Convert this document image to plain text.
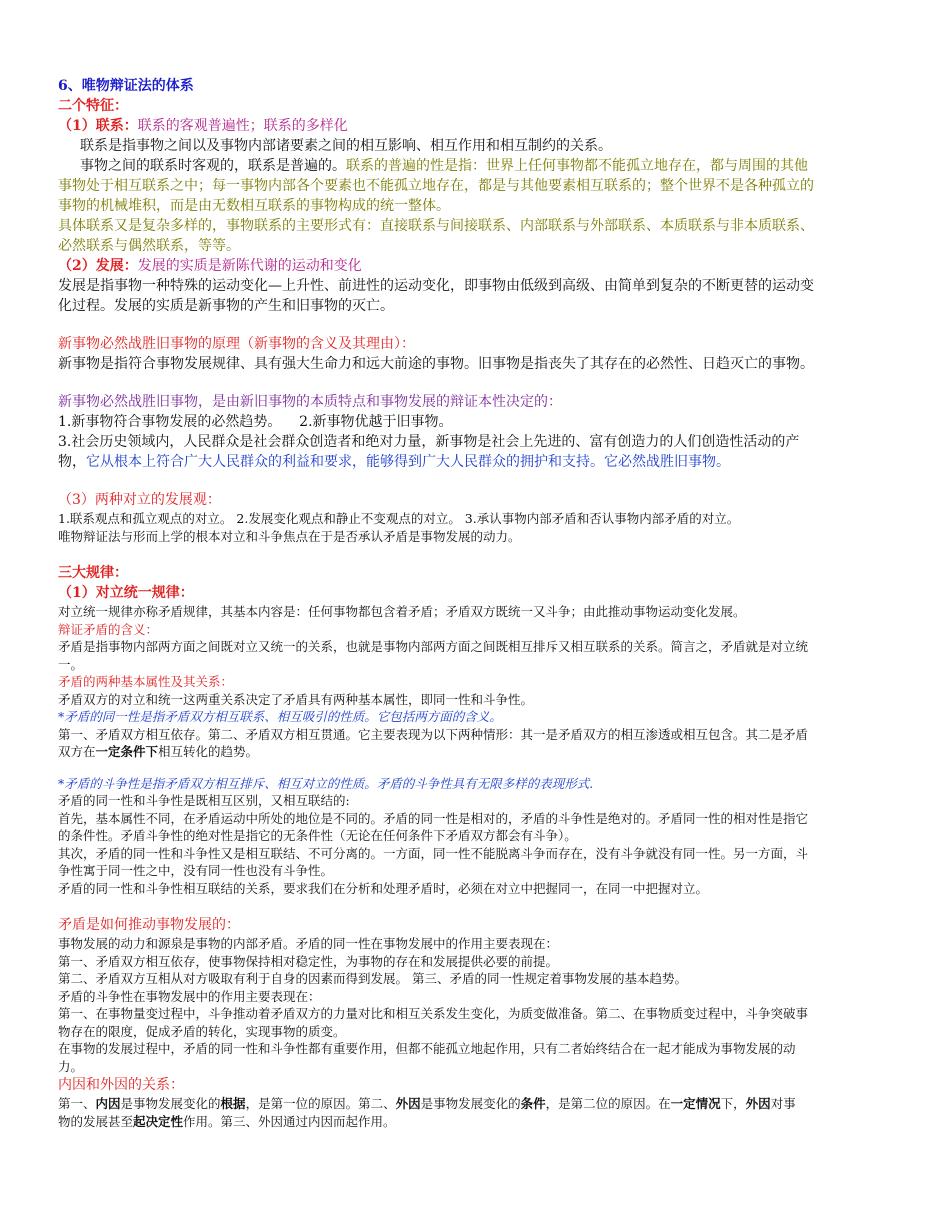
6、唯物辩证法的体系
二个特征：
（1）联系：联系的客观普遍性；联系的多样化
联系是指事物之间以及事物内部诸要素之间的相互影响、相互作用和相互制约的关系。
事物之间的联系时客观的，联系是普遍的。联系的普遍的性是指：世界上任何事物都不能孤立地存在，都与周围的其他
事物处于相互联系之中；每一事物内部各个要素也不能孤立地存在，都是与其他要素相互联系的；整个世界不是各种孤立的
事物的机械堆积，而是由无数相互联系的事物构成的统一整体。
具体联系又是复杂多样的，事物联系的主要形式有：直接联系与间接联系、内部联系与外部联系、本质联系与非本质联系、
必然联系与偶然联系，等等。
（2）发展：发展的实质是新陈代谢的运动和变化
发展是指事物一种特殊的运动变化—上升性、前进性的运动变化，即事物由低级到高级、由简单到复杂的不断更替的运动变
化过程。发展的实质是新事物的产生和旧事物的灭亡。
新事物必然战胜旧事物的原理（新事物的含义及其理由）：
新事物是指符合事物发展规律、具有强大生命力和远大前途的事物。旧事物是指丧失了其存在的必然性、日趋灭亡的事物。
新事物必然战胜旧事物，是由新旧事物的本质特点和事物发展的辩证本性决定的：
1.新事物符合事物发展的必然趋势。 2.新事物优越于旧事物。
3.社会历史领域内，人民群众是社会群众创造者和绝对力量，新事物是社会上先进的、富有创造力的人们创造性活动的产
物，它从根本上符合广大人民群众的利益和要求，能够得到广大人民群众的拥护和支持。它必然战胜旧事物。
（3）两种对立的发展观：
1.联系观点和孤立观点的对立。 2.发展变化观点和静止不变观点的对立。 3.承认事物内部矛盾和否认事物内部矛盾的对立。
唯物辩证法与形而上学的根本对立和斗争焦点在于是否承认矛盾是事物发展的动力。
三大规律：
（1）对立统一规律：
对立统一规律亦称矛盾规律，其基本内容是：任何事物都包含着矛盾；矛盾双方既统一又斗争；由此推动事物运动变化发展。
辩证矛盾的含义：
矛盾是指事物内部两方面之间既对立又统一的关系，也就是事物内部两方面之间既相互排斥又相互联系的关系。简言之，矛盾就是对立统
一。
矛盾的两种基本属性及其关系：
矛盾双方的对立和统一这两重关系决定了矛盾具有两种基本属性，即同一性和斗争性。
*矛盾的同一性是指矛盾双方相互联系、相互吸引的性质。它包括两方面的含义。
第一、矛盾双方相互依存。第二、矛盾双方相互贯通。它主要表现为以下两种情形：其一是矛盾双方的相互渗透或相互包含。其二是矛盾
双方在一定条件下相互转化的趋势。
*矛盾的斗争性是指矛盾双方相互排斥、相互对立的性质。矛盾的斗争性具有无限多样的表现形式.
矛盾的同一性和斗争性是既相互区别，又相互联结的:
首先，基本属性不同，在矛盾运动中所处的地位是不同的。矛盾的同一性是相对的，矛盾的斗争性是绝对的。矛盾同一性的相对性是指它
的条件性。矛盾斗争性的绝对性是指它的无条件性（无论在任何条件下矛盾双方都会有斗争）。
其次，矛盾的同一性和斗争性又是相互联结、不可分离的。一方面，同一性不能脱离斗争而存在，没有斗争就没有同一性。另一方面，斗
争性寓于同一性之中，没有同一性也没有斗争性。
矛盾的同一性和斗争性相互联结的关系，要求我们在分析和处理矛盾时，必须在对立中把握同一，在同一中把握对立。
矛盾是如何推动事物发展的：
事物发展的动力和源泉是事物的内部矛盾。矛盾的同一性在事物发展中的作用主要表现在：
第一、矛盾双方相互依存，使事物保持相对稳定性，为事物的存在和发展提供必要的前提。
第二、矛盾双方互相从对方吸取有利于自身的因素而得到发展。 第三、矛盾的同一性规定着事物发展的基本趋势。
矛盾的斗争性在事物发展中的作用主要表现在：
第一、在事物量变过程中，斗争推动着矛盾双方的力量对比和相互关系发生变化，为质变做准备。第二、在事物质变过程中，斗争突破事
物存在的限度，促成矛盾的转化，实现事物的质变。
在事物的发展过程中，矛盾的同一性和斗争性都有重要作用，但都不能孤立地起作用，只有二者始终结合在一起才能成为事物发展的动
力。
内因和外因的关系：
第一、内因是事物发展变化的根据，是第一位的原因。第二、外因是事物发展变化的条件，是第二位的原因。在一定情况下，外因对事
物的发展甚至起决定性作用。第三、外因通过内因而起作用。
